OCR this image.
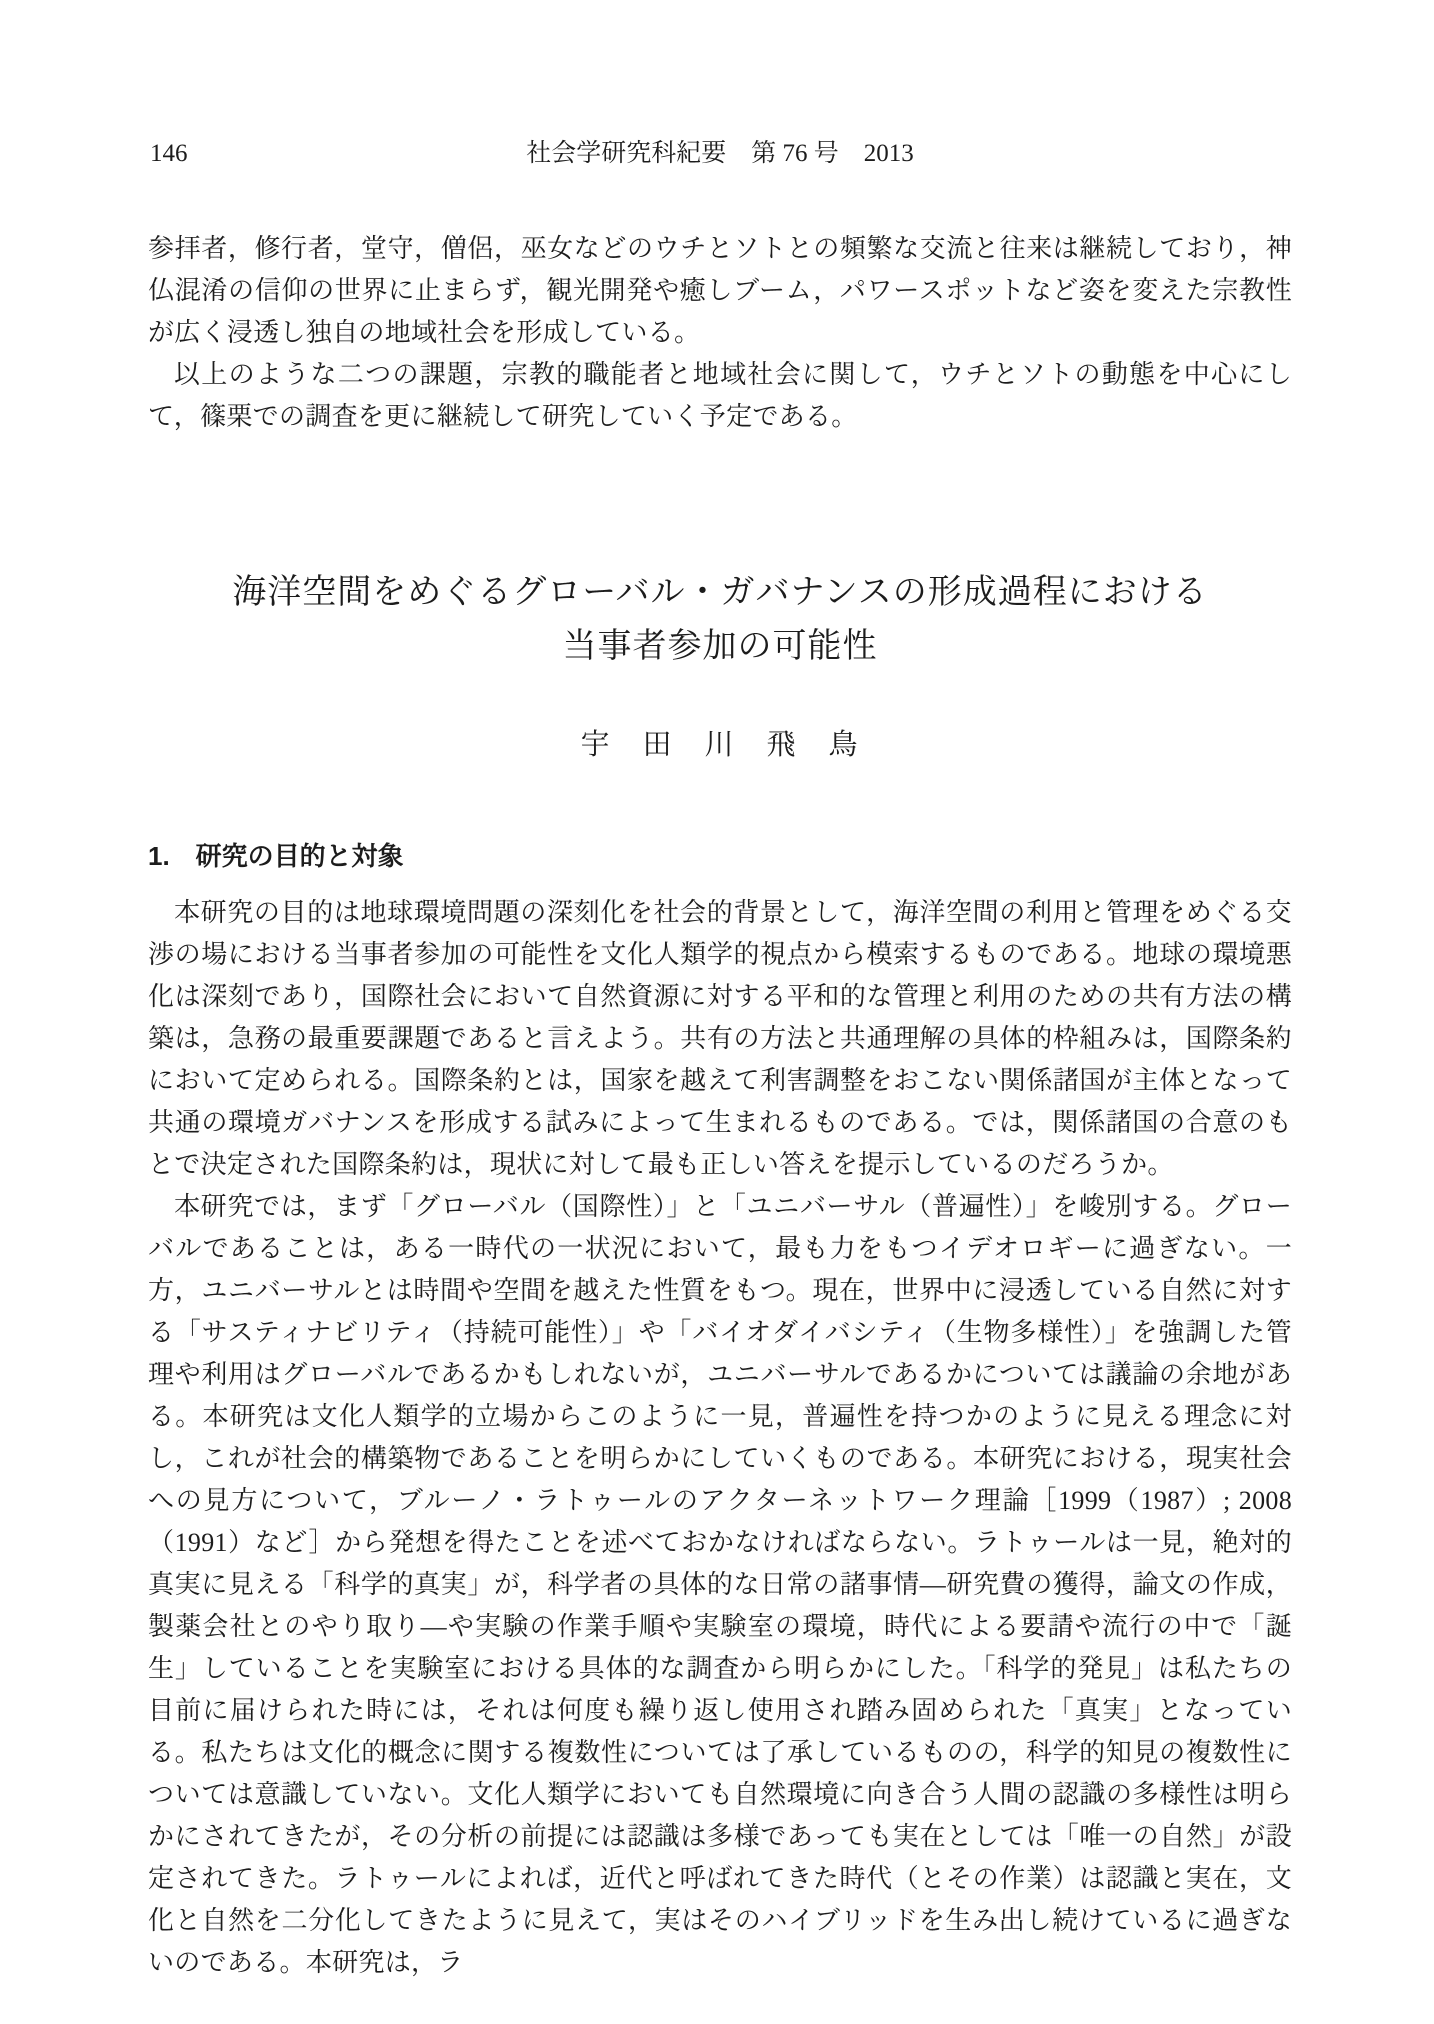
146	社会学研究科紀要　第 76 号　2013

参拝者，修行者，堂守，僧侶，巫女などのウチとソトとの頻繁な交流と往来は継続しており，神仏混淆の信仰の世界に止まらず，観光開発や癒しブーム，パワースポットなど姿を変えた宗教性が広く浸透し独自の地域社会を形成している。

以上のような二つの課題，宗教的職能者と地域社会に関して，ウチとソトの動態を中心にして，篠栗での調査を更に継続して研究していく予定である。

海洋空間をめぐるグローバル・ガバナンスの形成過程における
当事者参加の可能性
宇　田　川　飛　鳥
1.　研究の目的と対象

本研究の目的は地球環境問題の深刻化を社会的背景として，海洋空間の利用と管理をめぐる交渉の場における当事者参加の可能性を文化人類学的視点から模索するものである。地球の環境悪化は深刻であり，国際社会において自然資源に対する平和的な管理と利用のための共有方法の構築は，急務の最重要課題であると言えよう。共有の方法と共通理解の具体的枠組みは，国際条約において定められる。国際条約とは，国家を越えて利害調整をおこない関係諸国が主体となって共通の環境ガバナンスを形成する試みによって生まれるものである。では，関係諸国の合意のもとで決定された国際条約は，現状に対して最も正しい答えを提示しているのだろうか。

本研究では，まず「グローバル（国際性）」と「ユニバーサル（普遍性）」を峻別する。グローバルであることは，ある一時代の一状況において，最も力をもつイデオロギーに過ぎない。一方，ユニバーサルとは時間や空間を越えた性質をもつ。現在，世界中に浸透している自然に対する「サスティナビリティ（持続可能性）」や「バイオダイバシティ（生物多様性）」を強調した管理や利用はグローバルであるかもしれないが，ユニバーサルであるかについては議論の余地がある。本研究は文化人類学的立場からこのように一見，普遍性を持つかのように見える理念に対し，これが社会的構築物であることを明らかにしていくものである。本研究における，現実社会への見方について，ブルーノ・ラトゥールのアクターネットワーク理論［1999（1987）; 2008（1991）など］から発想を得たことを述べておかなければならない。ラトゥールは一見，絶対的真実に見える「科学的真実」が，科学者の具体的な日常の諸事情―研究費の獲得，論文の作成，製薬会社とのやり取り―や実験の作業手順や実験室の環境，時代による要請や流行の中で「誕生」していることを実験室における具体的な調査から明らかにした。「科学的発見」は私たちの目前に届けられた時には，それは何度も繰り返し使用され踏み固められた「真実」となっている。私たちは文化的概念に関する複数性については了承しているものの，科学的知見の複数性については意識していない。文化人類学においても自然環境に向き合う人間の認識の多様性は明らかにされてきたが，その分析の前提には認識は多様であっても実在としては「唯一の自然」が設定されてきた。ラトゥールによれば，近代と呼ばれてきた時代（とその作業）は認識と実在，文化と自然を二分化してきたように見えて，実はそのハイブリッドを生み出し続けているに過ぎないのである。本研究は，ラ
